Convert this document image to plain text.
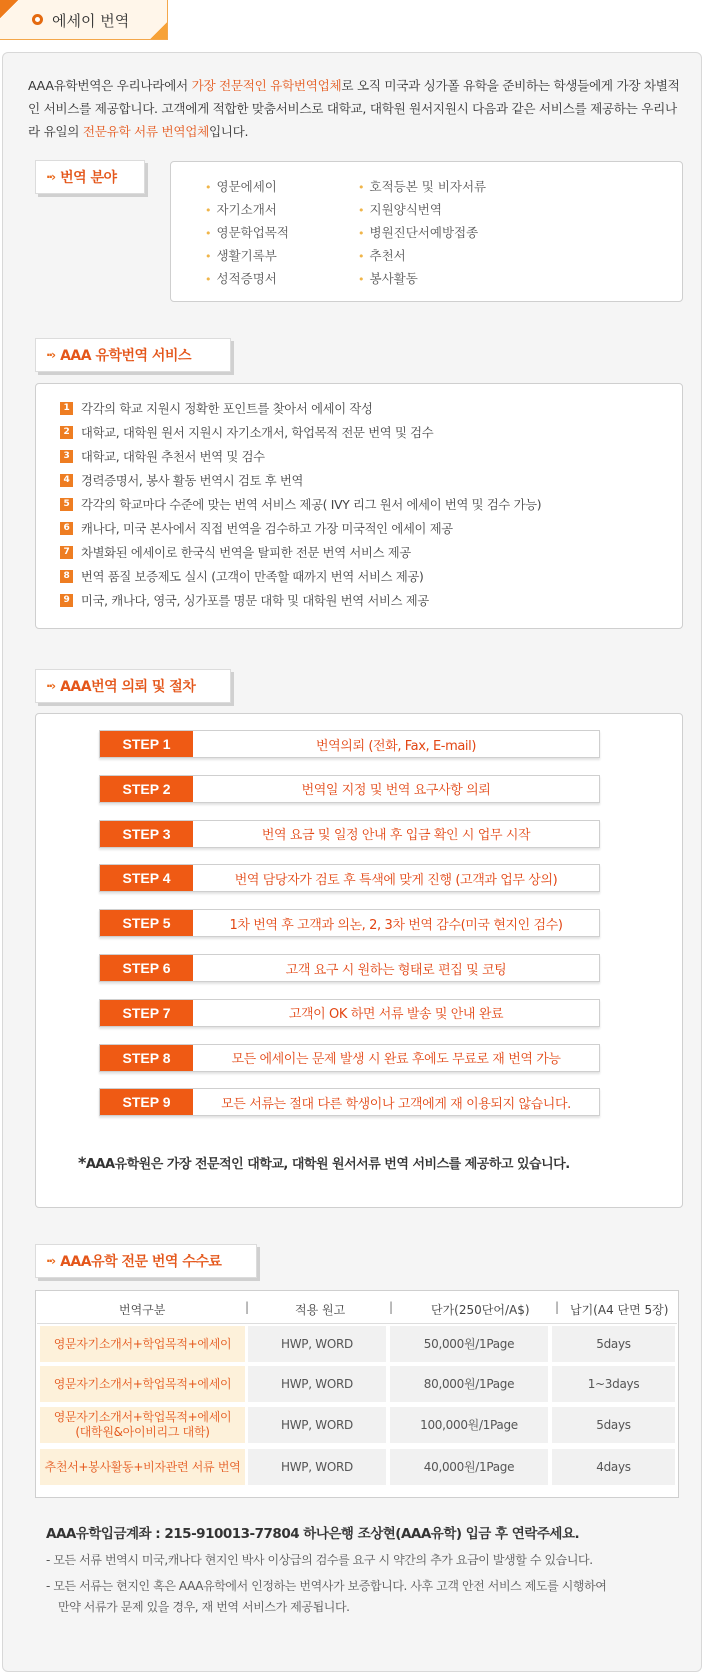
에세이 번역

AAA유학번역은 우리나라에서 가장 전문적인 유학번역업체로 오직 미국과 싱가폴 유학을 준비하는 학생들에게 가장 차별적인 서비스를 제공합니다. 고객에게 적합한 맞춤서비스로 대학교, 대학원 원서지원시 다음과 같은 서비스를 제공하는 우리나라 유일의 전문유학 서류 번역업체입니다.

··› 번역 분야
• 영문에세이
• 자기소개서
• 영문학업목적
• 생활기록부
• 성적증명서
• 호적등본 및 비자서류
• 지원양식번역
• 병원진단서예방접종
• 추천서
• 봉사활동
··› AAA 유학번역 서비스
1 각각의 학교 지원시 정확한 포인트를 찾아서 에세이 작성
2 대학교, 대학원 원서 지원시 자기소개서, 학업목적 전문 번역 및 검수
3 대학교, 대학원 추천서 번역 및 검수
4 경력증명서, 봉사 활동 번역시 검토 후 번역
5 각각의 학교마다 수준에 맞는 번역 서비스 제공( IVY 리그 원서 에세이 번역 및 검수 가능)
6 캐나다, 미국 본사에서 직접 번역을 검수하고 가장 미국적인 에세이 제공
7 차별화된 에세이로 한국식 번역을 탈피한 전문 번역 서비스 제공
8 번역 품질 보증제도 실시 (고객이 만족할 때까지 번역 서비스 제공)
9 미국, 캐나다, 영국, 싱가포를 명문 대학 및 대학원 번역 서비스 제공
··› AAA번역 의뢰 및 절차
STEP 1	번역의뢰 (전화, Fax, E-mail)
STEP 2	번역일 지정 및 번역 요구사항 의뢰
STEP 3	번역 요금 및 일정 안내 후 입금 확인 시 업무 시작
STEP 4	번역 담당자가 검토 후 특색에 맞게 진행 (고객과 업무 상의)
STEP 5	1차 번역 후 고객과 의논, 2, 3차 번역 감수(미국 현지인 검수)
STEP 6	고객 요구 시 원하는 형태로 편집 및 코팅
STEP 7	고객이 OK 하면 서류 발송 및 안내 완료
STEP 8	모든 에세이는 문제 발생 시 완료 후에도 무료로 재 번역 가능
STEP 9	모든 서류는 절대 다른 학생이나 고객에게 재 이용되지 않습니다.
*AAA유학원은 가장 전문적인 대학교, 대학원 원서서류 번역 서비스를 제공하고 있습니다.
··› AAA유학 전문 번역 수수료
번역구분	|	적용 원고	|	단가(250단어/A$) | 납기(A4 단면 5장)
영문자기소개서+학업목적+에세이	HWP, WORD	50,000원/1Page	5days
영문자기소개서+학업목적+에세이	HWP, WORD	80,000원/1Page	1~3days
영문자기소개서+학업목적+에세이
(대학원&아이비리그 대학)
HWP, WORD	100,000원/1Page	5days
추천서+봉사활동+비자관련 서류 번역	HWP, WORD	40,000원/1Page	4days
AAA유학입금계좌 : 215-910013-77804 하나은행 조상현(AAA유학) 입금 후 연락주세요.
- 모든 서류 번역시 미국,캐나다 현지인 박사 이상급의 검수를 요구 시 약간의 추가 요금이 발생할 수 있습니다.
- 모든 서류는 현지인 혹은 AAA유학에서 인정하는 번역사가 보증합니다. 사후 고객 안전 서비스 제도를 시행하여
만약 서류가 문제 있을 경우, 재 번역 서비스가 제공됩니다.
